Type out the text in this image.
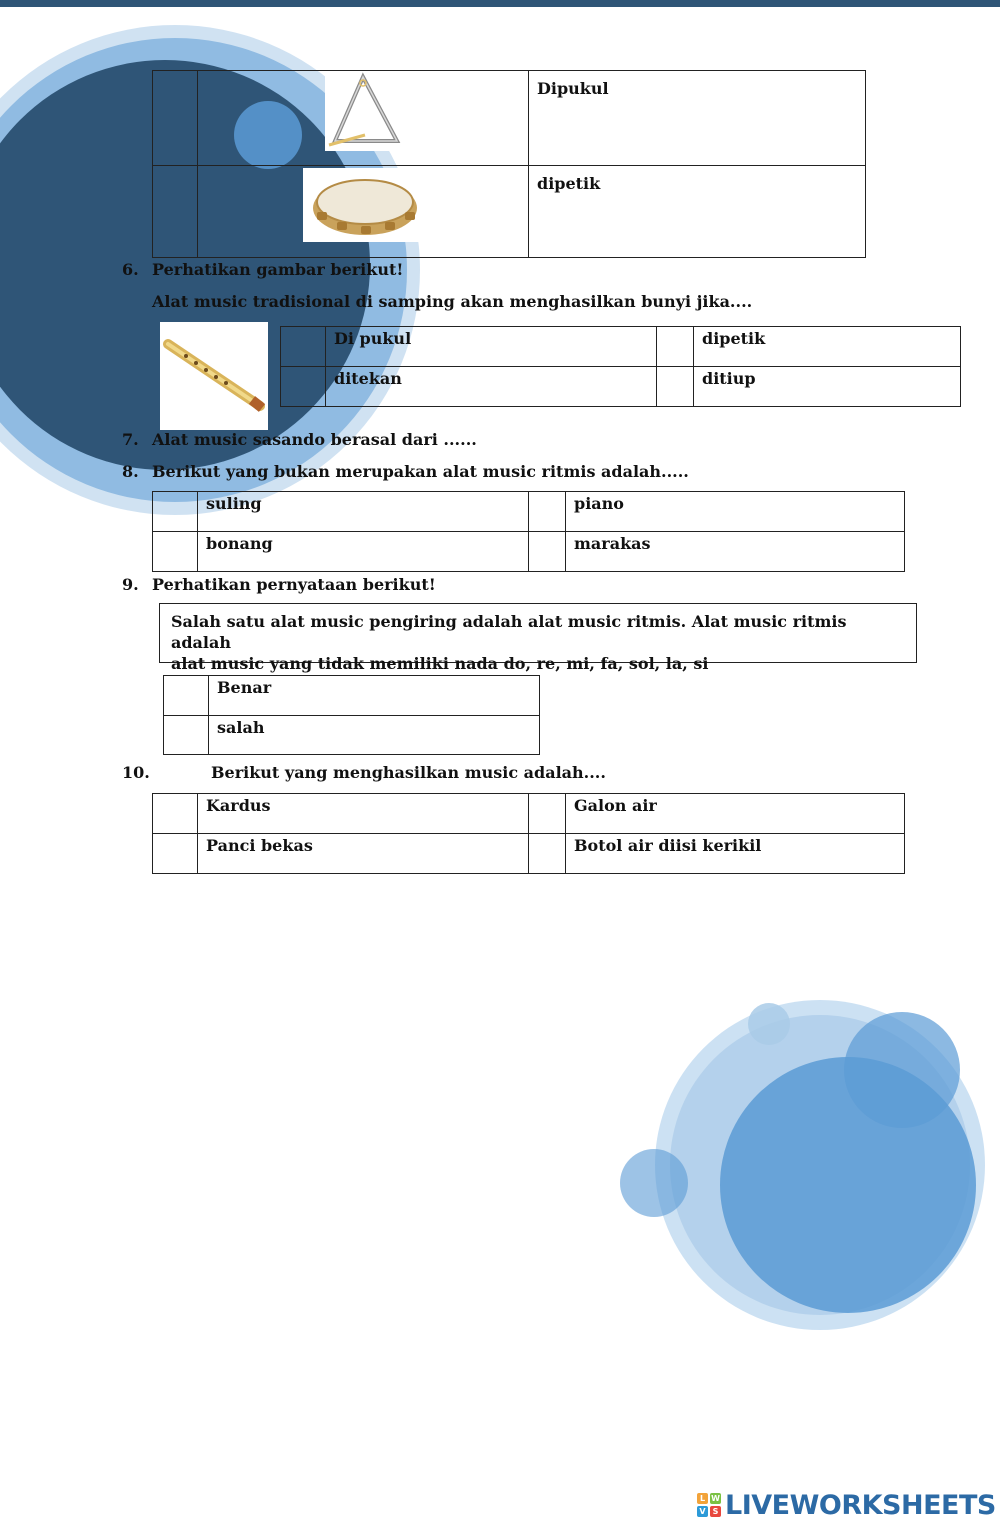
Dipukul

dipetik
6. Perhatikan gambar berikut!
Alat music tradisional di samping akan menghasilkan bunyi jika....

	Di pukul		dipetik

	ditekan		ditiup
7. Alat music sasando berasal dari ......
8. Berikut yang bukan merupakan alat music ritmis adalah.....

	suling		piano

	bonang		marakas
9. Perhatikan pernyataan berikut!
Salah satu alat music pengiring adalah alat music ritmis. Alat music ritmis adalah
alat music yang tidak memiliki nada do, re, mi, fa, sol, la, si

	Benar

	salah
10.	Berikut yang menghasilkan music adalah....

	Kardus		Galon air

	Panci bekas		Botol air diisi kerikil
L W
V S LIVEWORKSHEETS
